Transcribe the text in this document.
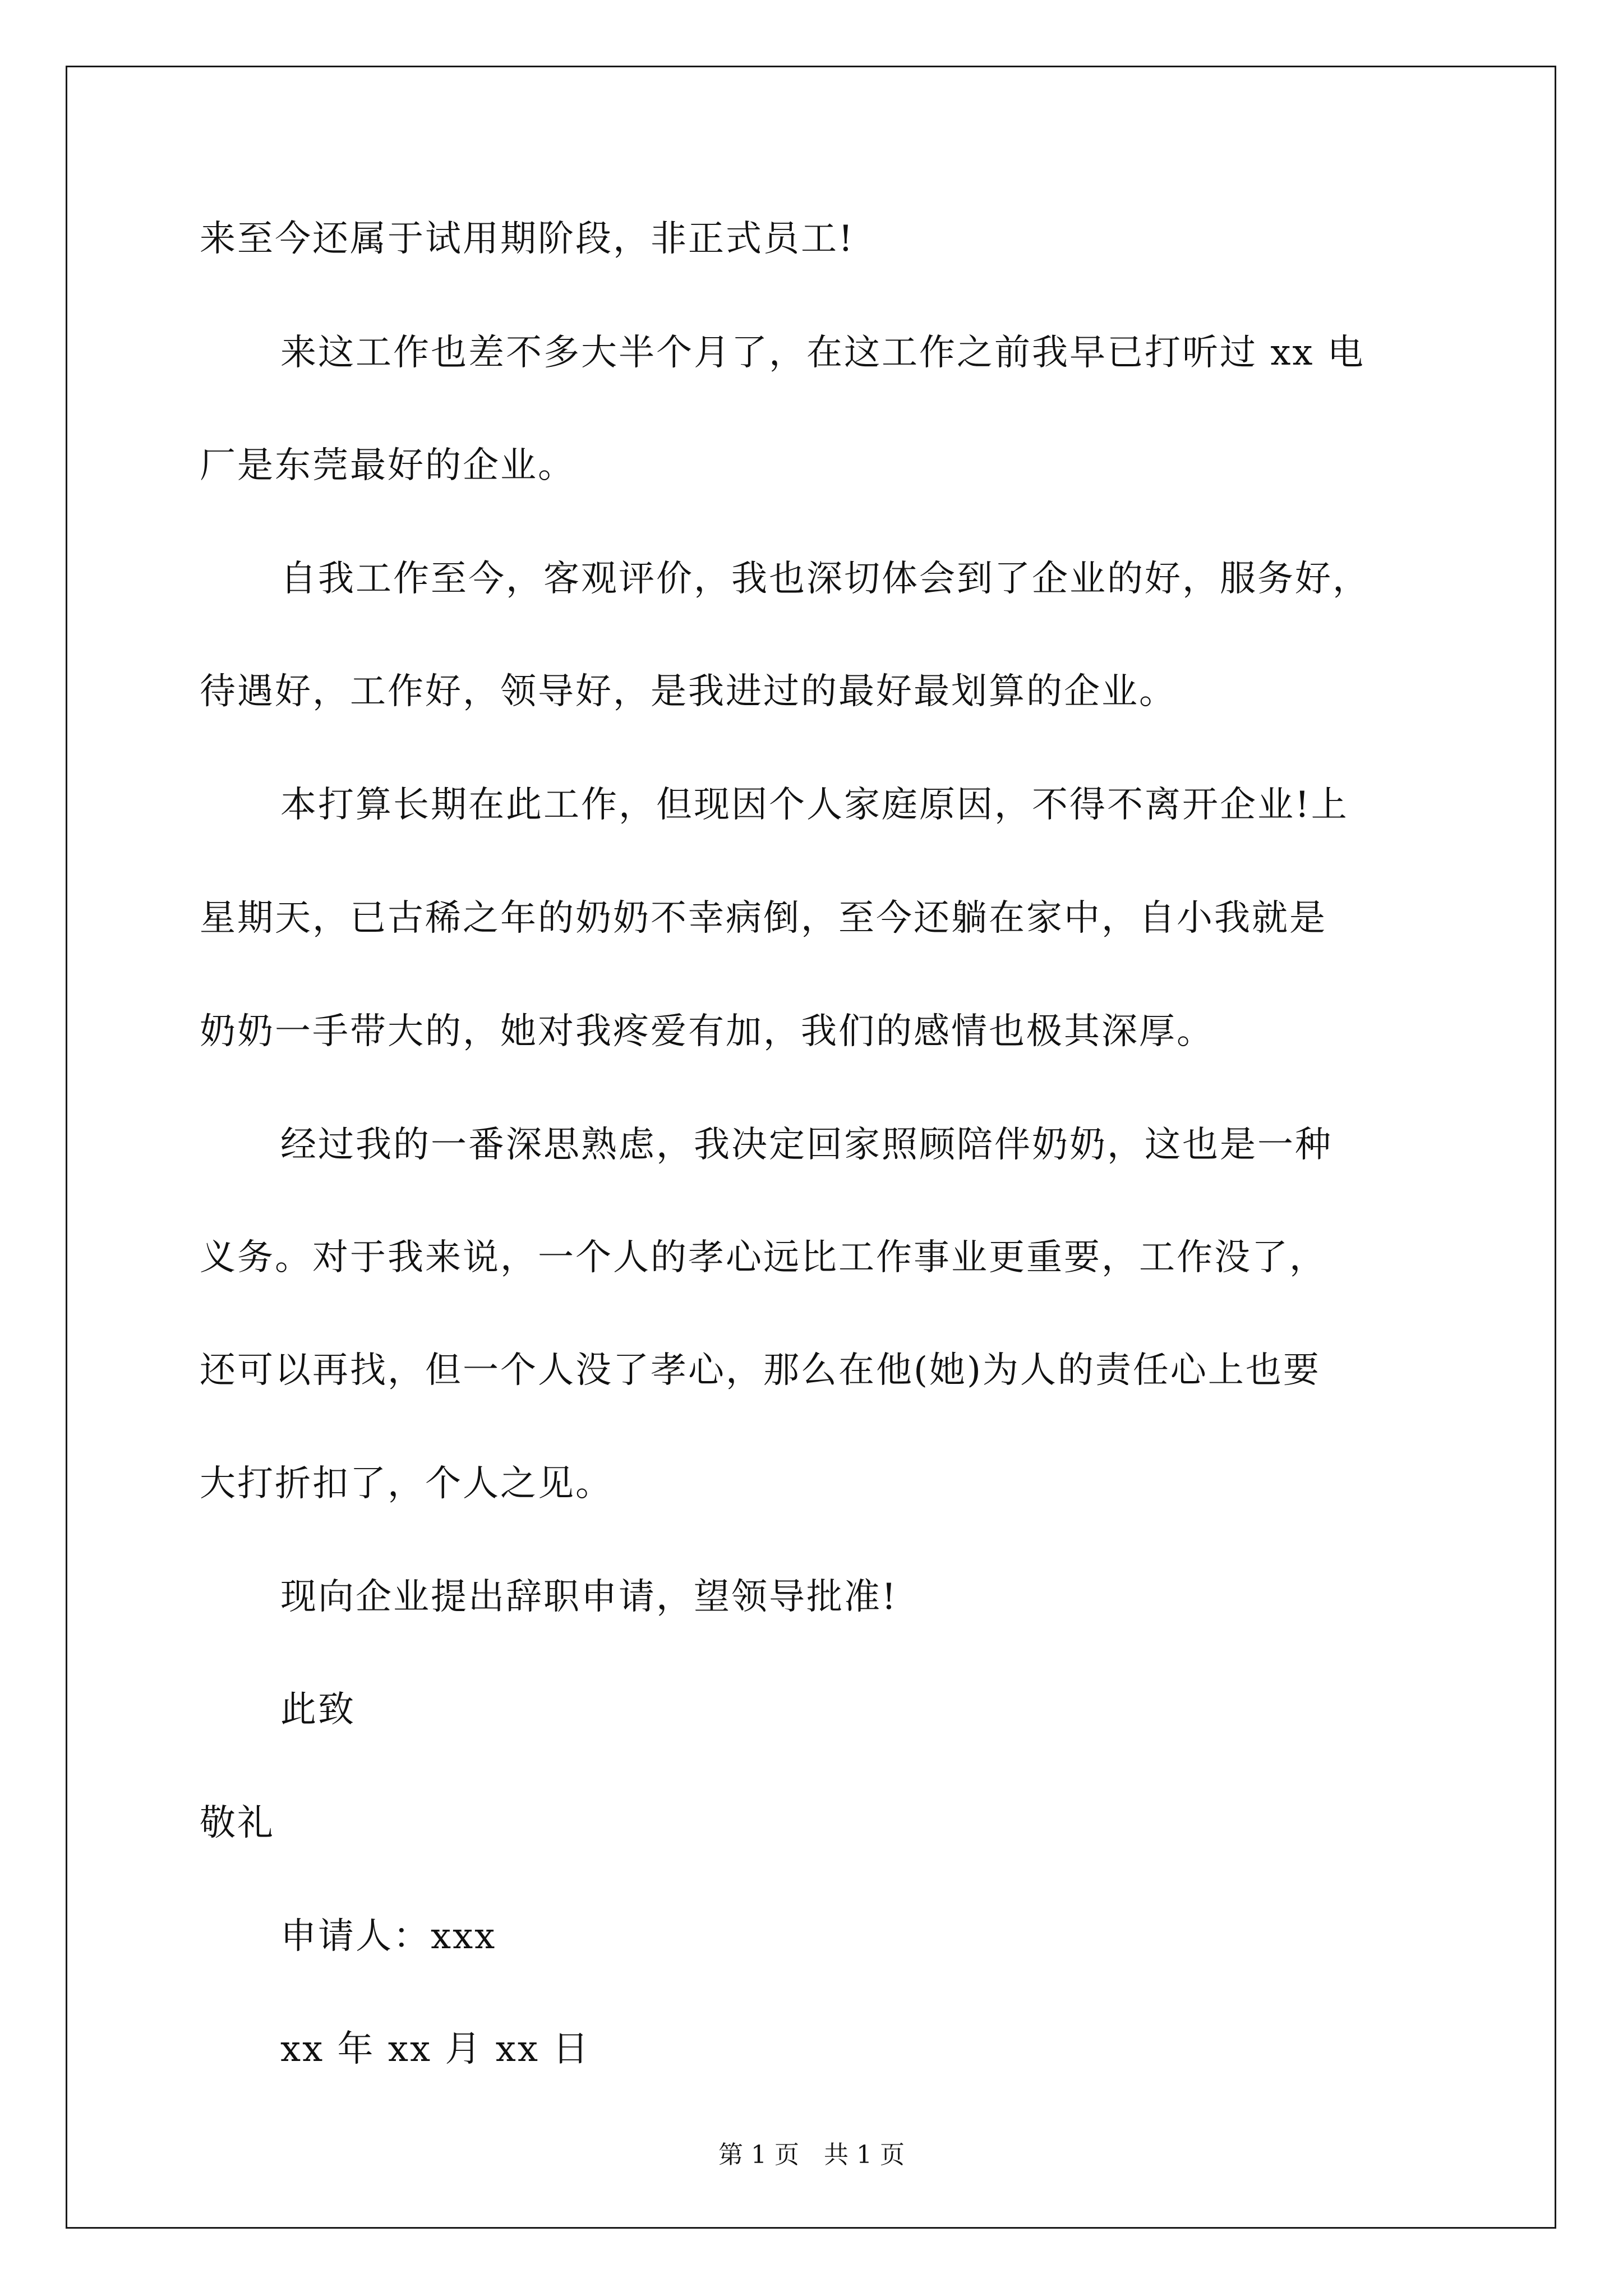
来至今还属于试用期阶段，非正式员工!
来这工作也差不多大半个月了，在这工作之前我早已打听过 xx 电
厂是东莞最好的企业。
自我工作至今，客观评价，我也深切体会到了企业的好，服务好，
待遇好，工作好，领导好，是我进过的最好最划算的企业。
本打算长期在此工作，但现因个人家庭原因，不得不离开企业!上
星期天，已古稀之年的奶奶不幸病倒，至今还躺在家中，自小我就是
奶奶一手带大的，她对我疼爱有加，我们的感情也极其深厚。
经过我的一番深思熟虑，我决定回家照顾陪伴奶奶，这也是一种
义务。对于我来说，一个人的孝心远比工作事业更重要，工作没了，
还可以再找，但一个人没了孝心，那么在他(她)为人的责任心上也要
大打折扣了，个人之见。
现向企业提出辞职申请，望领导批准!
此致
敬礼
申请人：xxx
xx 年 xx 月 xx 日
第 1 页　共 1 页
